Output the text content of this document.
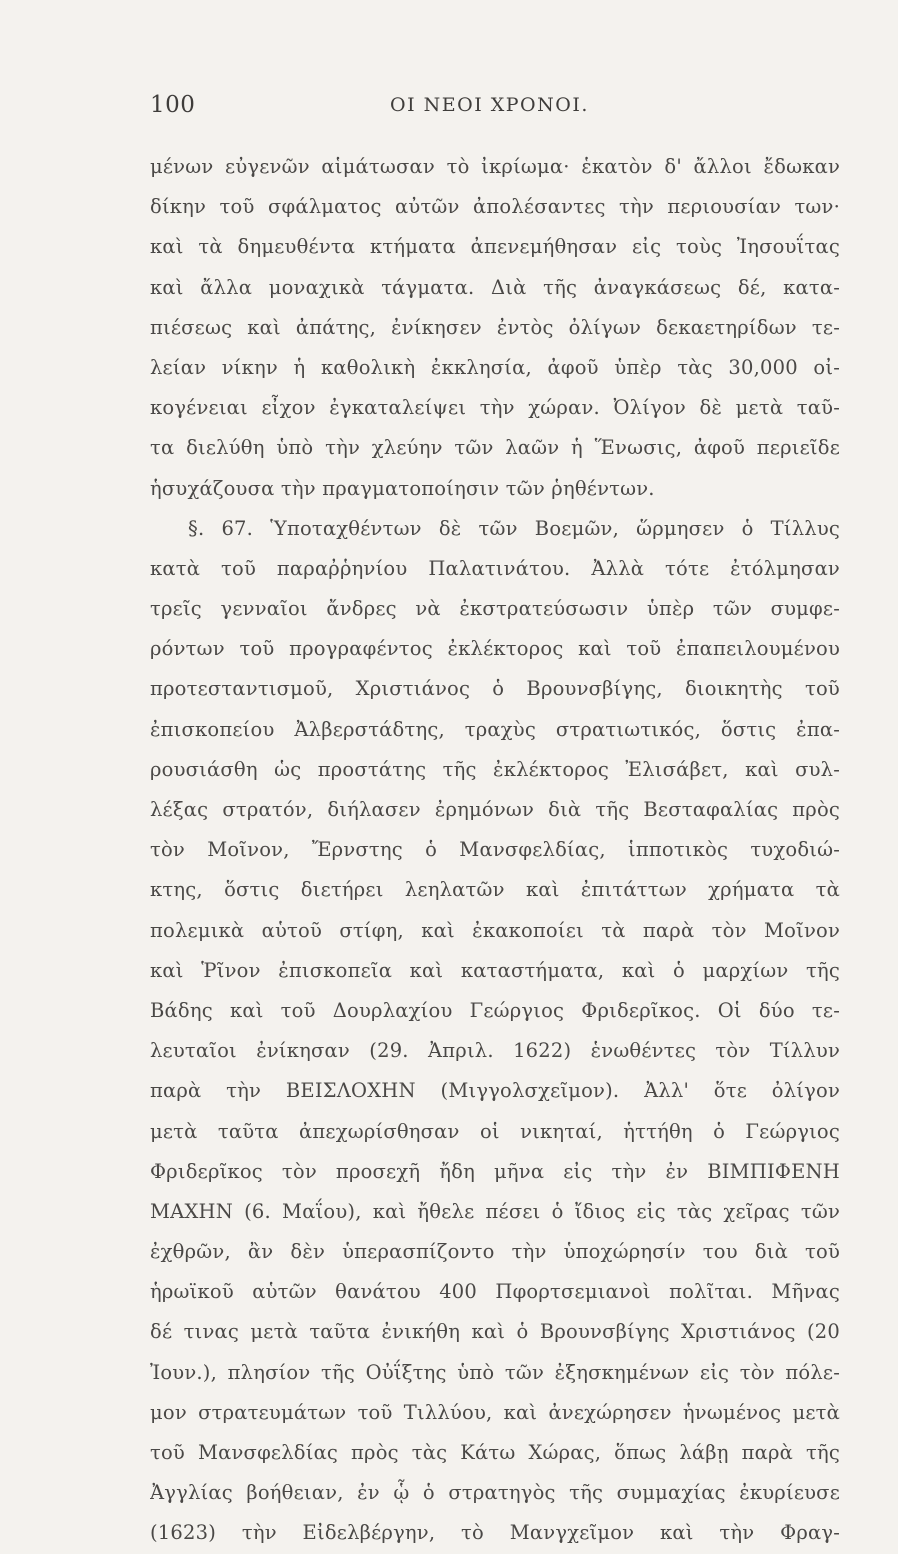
100	ΟΙ ΝΕΟΙ ΧΡΟΝΟΙ.
μένων εὐγενῶν αἱμάτωσαν τὸ ἰκρίωμα· ἑκατὸν δ' ἄλλοι ἔδωκαν
δίκην τοῦ σφάλματος αὐτῶν ἀπολέσαντες τὴν περιουσίαν των·
καὶ τὰ δημευθέντα κτήματα ἀπενεμήθησαν εἰς τοὺς Ἰησουΐτας
καὶ ἄλλα μοναχικὰ τάγματα. Διὰ τῆς ἀναγκάσεως δέ, κατα-
πιέσεως καὶ ἀπάτης, ἐνίκησεν ἐντὸς ὀλίγων δεκαετηρίδων τε-
λείαν νίκην ἡ καθολικὴ ἐκκλησία, ἀφοῦ ὑπὲρ τὰς 30,000 οἰ-
κογένειαι εἶχον ἐγκαταλείψει τὴν χώραν. Ὀλίγον δὲ μετὰ ταῦ-
τα διελύθη ὑπὸ τὴν χλεύην τῶν λαῶν ἡ Ἕνωσις, ἀφοῦ περιεῖδε
ἡσυχάζουσα τὴν πραγματοποίησιν τῶν ῥηθέντων.
§. 67. Ὑποταχθέντων δὲ τῶν Βοεμῶν, ὥρμησεν ὁ Τίλλυς
κατὰ τοῦ παραῤῥηνίου Παλατινάτου. Ἀλλὰ τότε ἐτόλμησαν
τρεῖς γενναῖοι ἄνδρες νὰ ἐκστρατεύσωσιν ὑπὲρ τῶν συμφε-
ρόντων τοῦ προγραφέντος ἐκλέκτορος καὶ τοῦ ἐπαπειλουμένου
προτεσταντισμοῦ, Χριστιάνος ὁ Βρουνσβίγης, διοικητὴς τοῦ
ἐπισκοπείου Ἀλβερστάδτης, τραχὺς στρατιωτικός, ὅστις ἐπα-
ρουσιάσθη ὡς προστάτης τῆς ἐκλέκτορος Ἐλισάβετ, καὶ συλ-
λέξας στρατόν, διήλασεν ἐρημόνων διὰ τῆς Βεσταφαλίας πρὸς
τὸν Μοῖνον, Ἔρνστης ὁ Μανσφελδίας, ἱπποτικὸς τυχοδιώ-
κτης, ὅστις διετήρει λεηλατῶν καὶ ἐπιτάττων χρήματα τὰ
πολεμικὰ αὑτοῦ στίφη, καὶ ἐκακοποίει τὰ παρὰ τὸν Μοῖνον
καὶ Ῥῖνον ἐπισκοπεῖα καὶ καταστήματα, καὶ ὁ μαρχίων τῆς
Βάδης καὶ τοῦ Δουρλαχίου Γεώργιος Φριδερῖκος. Οἱ δύο τε-
λευταῖοι ἐνίκησαν (29. Ἀπριλ. 1622) ἑνωθέντες τὸν Τίλλυν
παρὰ τὴν ΒΕΙΣΛΟΧΗΝ (Μιγγολσχεῖμον). Ἀλλ' ὅτε ὀλίγον
μετὰ ταῦτα ἀπεχωρίσθησαν οἱ νικηταί, ἡττήθη ὁ Γεώργιος
Φριδερῖκος τὸν προσεχῆ ἤδη μῆνα εἰς τὴν ἐν ΒΙΜΠΙΦΕΝΗ
ΜΑΧΗΝ (6. Μαΐου), καὶ ἤθελε πέσει ὁ ἴδιος εἰς τὰς χεῖρας τῶν
ἐχθρῶν, ἂν δὲν ὑπερασπίζοντο τὴν ὑποχώρησίν του διὰ τοῦ
ἡρωϊκοῦ αὑτῶν θανάτου 400 Πφορτσεμιανοὶ πολῖται. Μῆνας
δέ τινας μετὰ ταῦτα ἐνικήθη καὶ ὁ Βρουνσβίγης Χριστιάνος (20
Ἰουν.), πλησίον τῆς Οὐΐξτης ὑπὸ τῶν ἐξησκημένων εἰς τὸν πόλε-
μον στρατευμάτων τοῦ Τιλλύου, καὶ ἀνεχώρησεν ἡνωμένος μετὰ
τοῦ Μανσφελδίας πρὸς τὰς Κάτω Χώρας, ὅπως λάβῃ παρὰ τῆς
Ἀγγλίας βοήθειαν, ἐν ᾧ ὁ στρατηγὸς τῆς συμμαχίας ἐκυρίευσε
(1623) τὴν Εἰδελβέργην, τὸ Μανγχεῖμον καὶ τὴν Φραγ-
